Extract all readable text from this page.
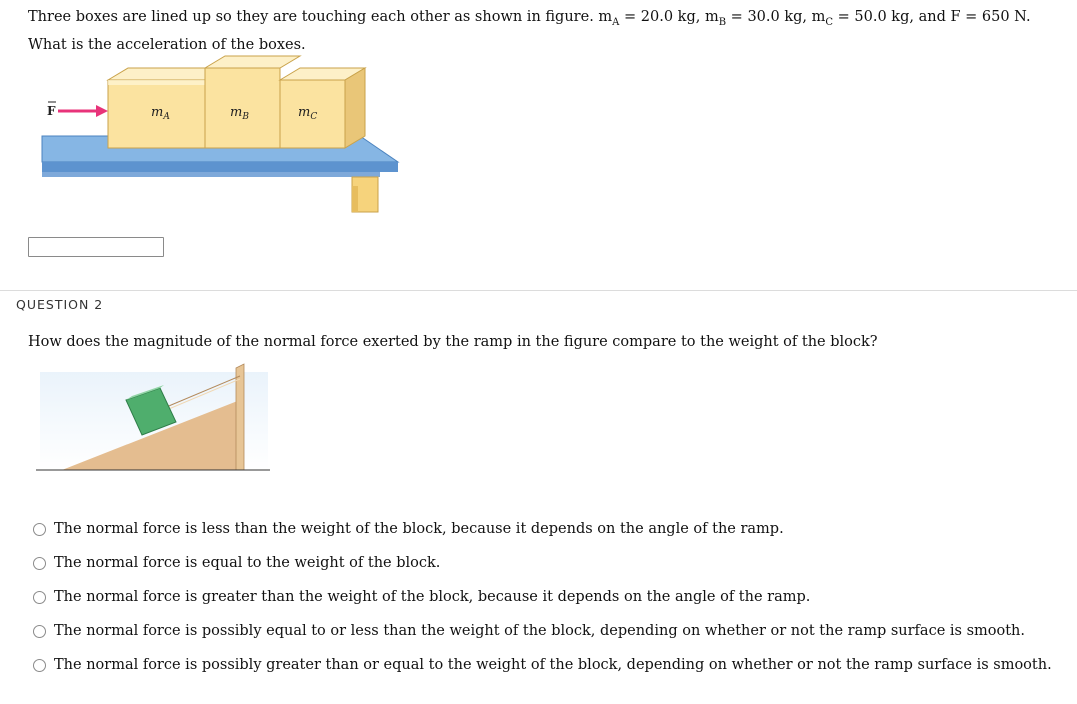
Three boxes are lined up so they are touching each other as shown in figure. $m_A = 20.0$ kg, $m_B = 30.0$ kg, $m_C = 50.0$ kg, and F = 650 N. What is the acceleration of the boxes.
F	$m_A$	$m_B$	$m_C$
QUESTION 2
How does the magnitude of the normal force exerted by the ramp in the figure compare to the weight of the block?
The normal force is less than the weight of the block, because it depends on the angle of the ramp.
The normal force is equal to the weight of the block.
The normal force is greater than the weight of the block, because it depends on the angle of the ramp.
The normal force is possibly equal to or less than the weight of the block, depending on whether or not the ramp surface is smooth.
The normal force is possibly greater than or equal to the weight of the block, depending on whether or not the ramp surface is smooth.
